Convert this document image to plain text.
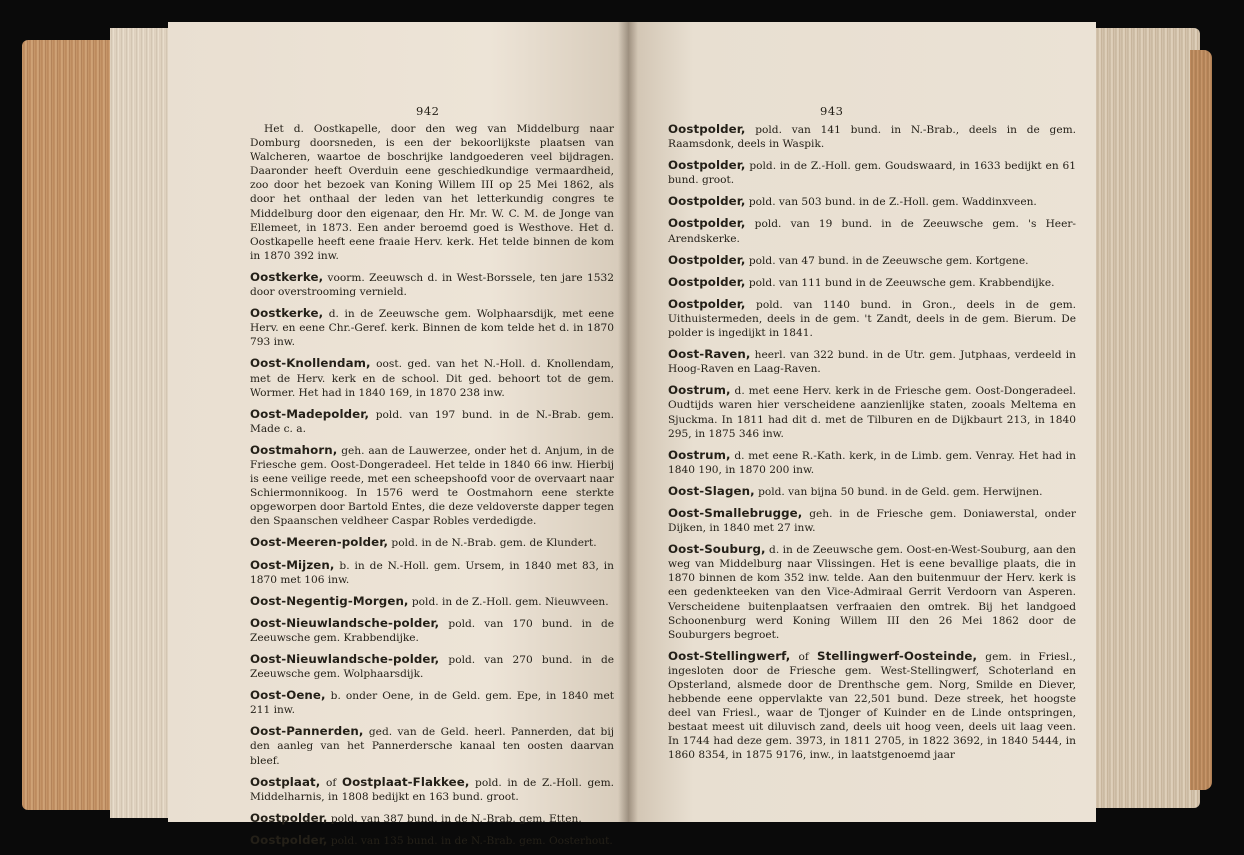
942

Het d. Oostkapelle, door den weg van Middelburg naar Domburg doorsneden, is een der bekoorlijkste plaatsen van Walcheren, waartoe de boschrijke landgoederen veel bijdragen. Daaronder heeft Overduin eene geschiedkundige vermaardheid, zoo door het bezoek van Koning Willem III op 25 Mei 1862, als door het onthaal der leden van het letterkundig congres te Middelburg door den eigenaar, den Hr. Mr. W. C. M. de Jonge van Ellemeet, in 1873. Een ander beroemd goed is Westhove. Het d. Oostkapelle heeft eene fraaie Herv. kerk. Het telde binnen de kom in 1870 392 inw.

Oostkerke, voorm. Zeeuwsch d. in West-Borssele, ten jare 1532 door overstrooming vernield.

Oostkerke, d. in de Zeeuwsche gem. Wolphaarsdijk, met eene Herv. en eene Chr.-Geref. kerk. Binnen de kom telde het d. in 1870 793 inw.

Oost-Knollendam, oost. ged. van het N.-Holl. d. Knollendam, met de Herv. kerk en de school. Dit ged. behoort tot de gem. Wormer. Het had in 1840 169, in 1870 238 inw.

Oost-Madepolder, pold. van 197 bund. in de N.-Brab. gem. Made c. a.

Oostmahorn, geh. aan de Lauwerzee, onder het d. Anjum, in de Friesche gem. Oost-Dongeradeel. Het telde in 1840 66 inw. Hierbij is eene veilige reede, met een scheepshoofd voor de overvaart naar Schiermonnikoog. In 1576 werd te Oostmahorn eene sterkte opgeworpen door Bartold Entes, die deze veldoverste dapper tegen den Spaanschen veldheer Caspar Robles verdedigde.

Oost-Meeren-polder, pold. in de N.-Brab. gem. de Klundert.

Oost-Mijzen, b. in de N.-Holl. gem. Ursem, in 1840 met 83, in 1870 met 106 inw.

Oost-Negentig-Morgen, pold. in de Z.-Holl. gem. Nieuwveen.

Oost-Nieuwlandsche-polder, pold. van 170 bund. in de Zeeuwsche gem. Krabbendijke.

Oost-Nieuwlandsche-polder, pold. van 270 bund. in de Zeeuwsche gem. Wolphaarsdijk.

Oost-Oene, b. onder Oene, in de Geld. gem. Epe, in 1840 met 211 inw.

Oost-Pannerden, ged. van de Geld. heerl. Pannerden, dat bij den aanleg van het Pannerdersche kanaal ten oosten daarvan bleef.

Oostplaat, of Oostplaat-Flakkee, pold. in de Z.-Holl. gem. Middelharnis, in 1808 bedijkt en 163 bund. groot.

Oostpolder, pold. van 387 bund. in de N.-Brab. gem. Etten.

Oostpolder, pold. van 135 bund. in de N.-Brab. gem. Oosterhout.

943

Oostpolder, pold. van 141 bund. in N.-Brab., deels in de gem. Raamsdonk, deels in Waspik.

Oostpolder, pold. in de Z.-Holl. gem. Goudswaard, in 1633 bedijkt en 61 bund. groot.

Oostpolder, pold. van 503 bund. in de Z.-Holl. gem. Waddinxveen.

Oostpolder, pold. van 19 bund. in de Zeeuwsche gem. 's Heer-Arendskerke.

Oostpolder, pold. van 47 bund. in de Zeeuwsche gem. Kortgene.

Oostpolder, pold. van 111 bund in de Zeeuwsche gem. Krabbendijke.

Oostpolder, pold. van 1140 bund. in Gron., deels in de gem. Uithuistermeden, deels in de gem. 't Zandt, deels in de gem. Bierum. De polder is ingedijkt in 1841.

Oost-Raven, heerl. van 322 bund. in de Utr. gem. Jutphaas, verdeeld in Hoog-Raven en Laag-Raven.

Oostrum, d. met eene Herv. kerk in de Friesche gem. Oost-Dongeradeel. Oudtijds waren hier verscheidene aanzienlijke staten, zooals Meltema en Sjuckma. In 1811 had dit d. met de Tilburen en de Dijkbaurt 213, in 1840 295, in 1875 346 inw.

Oostrum, d. met eene R.-Kath. kerk, in de Limb. gem. Venray. Het had in 1840 190, in 1870 200 inw.

Oost-Slagen, pold. van bijna 50 bund. in de Geld. gem. Herwijnen.

Oost-Smallebrugge, geh. in de Friesche gem. Doniawerstal, onder Dijken, in 1840 met 27 inw.

Oost-Souburg, d. in de Zeeuwsche gem. Oost-en-West-Souburg, aan den weg van Middelburg naar Vlissingen. Het is eene bevallige plaats, die in 1870 binnen de kom 352 inw. telde. Aan den buitenmuur der Herv. kerk is een gedenkteeken van den Vice-Admiraal Gerrit Verdoorn van Asperen. Verscheidene buitenplaatsen verfraaien den omtrek. Bij het landgoed Schoonenburg werd Koning Willem III den 26 Mei 1862 door de Souburgers begroet.

Oost-Stellingwerf, of Stellingwerf-Oosteinde, gem. in Friesl., ingesloten door de Friesche gem. West-Stellingwerf, Schoterland en Opsterland, alsmede door de Drenthsche gem. Norg, Smilde en Diever, hebbende eene oppervlakte van 22,501 bund. Deze streek, het hoogste deel van Friesl., waar de Tjonger of Kuinder en de Linde ontspringen, bestaat meest uit diluvisch zand, deels uit hoog veen, deels uit laag veen. In 1744 had deze gem. 3973, in 1811 2705, in 1822 3692, in 1840 5444, in 1860 8354, in 1875 9176, inw., in laatstgenoemd jaar
